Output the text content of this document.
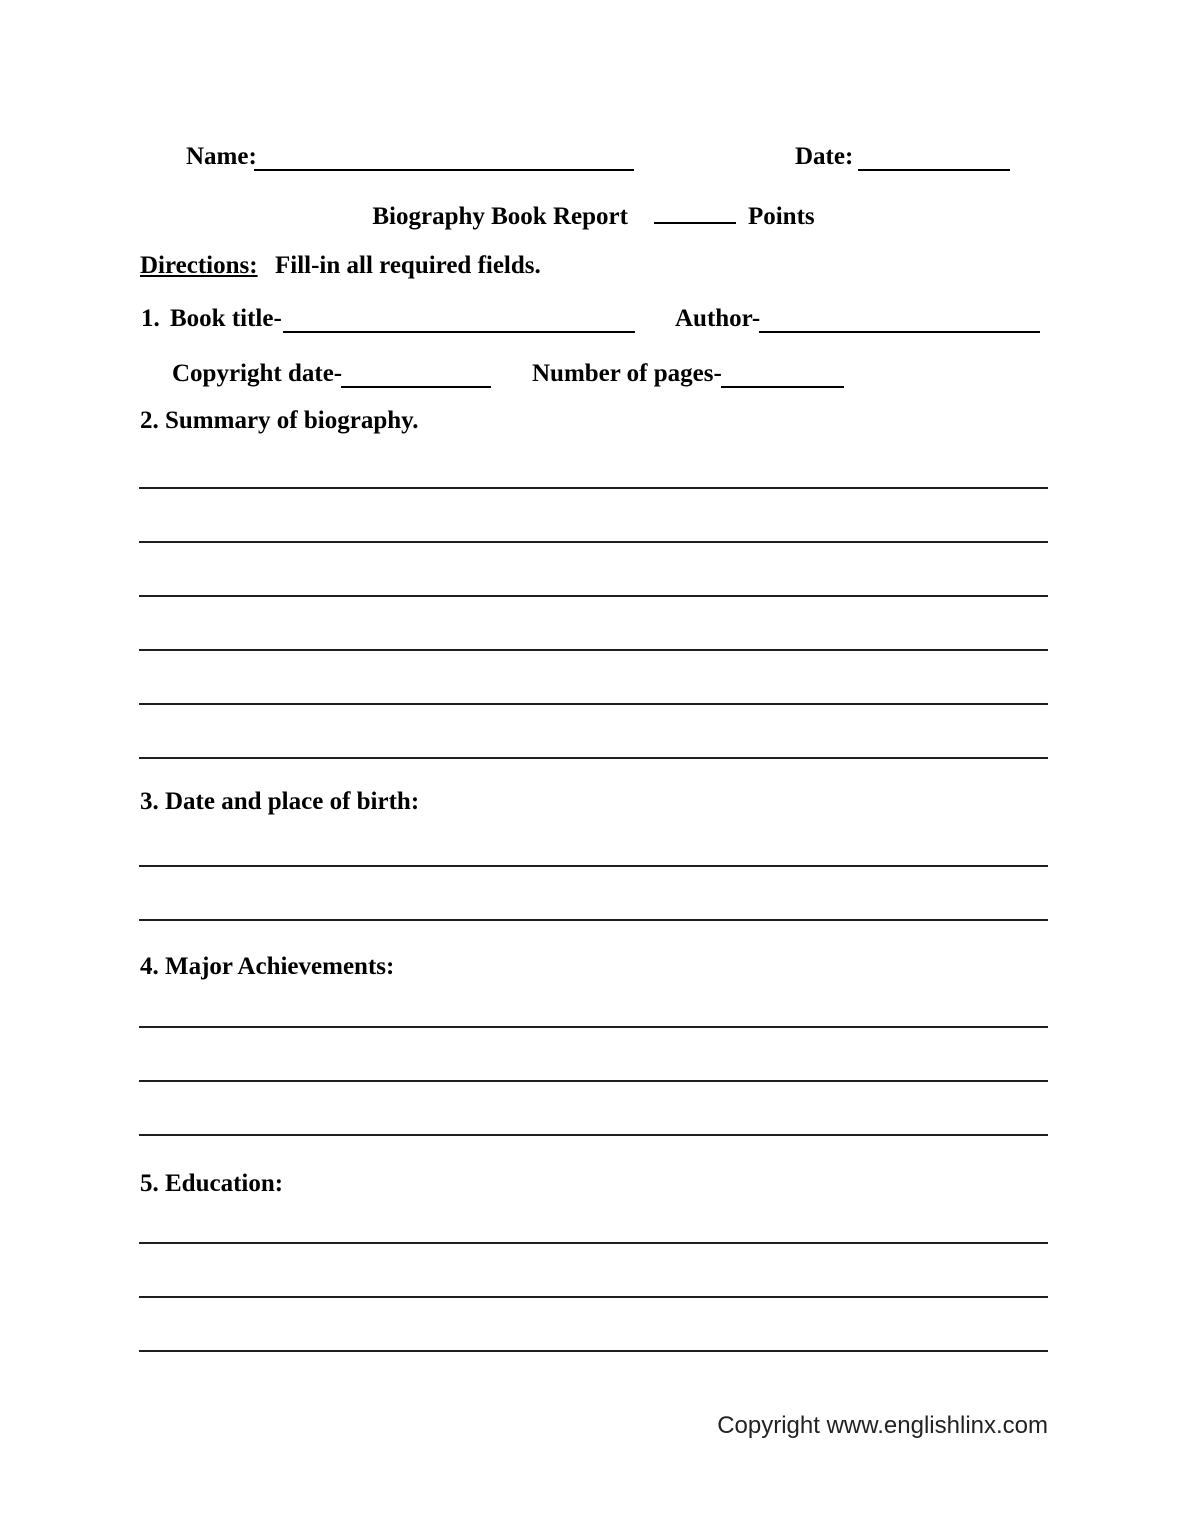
Name:	Date:
Biography Book Report	Points
Directions: Fill-in all required fields.
1. Book title-	Author-
Copyright date-	Number of pages-
2. Summary of biography.
3. Date and place of birth:
4. Major Achievements:
5. Education:
Copyright www.englishlinx.com
